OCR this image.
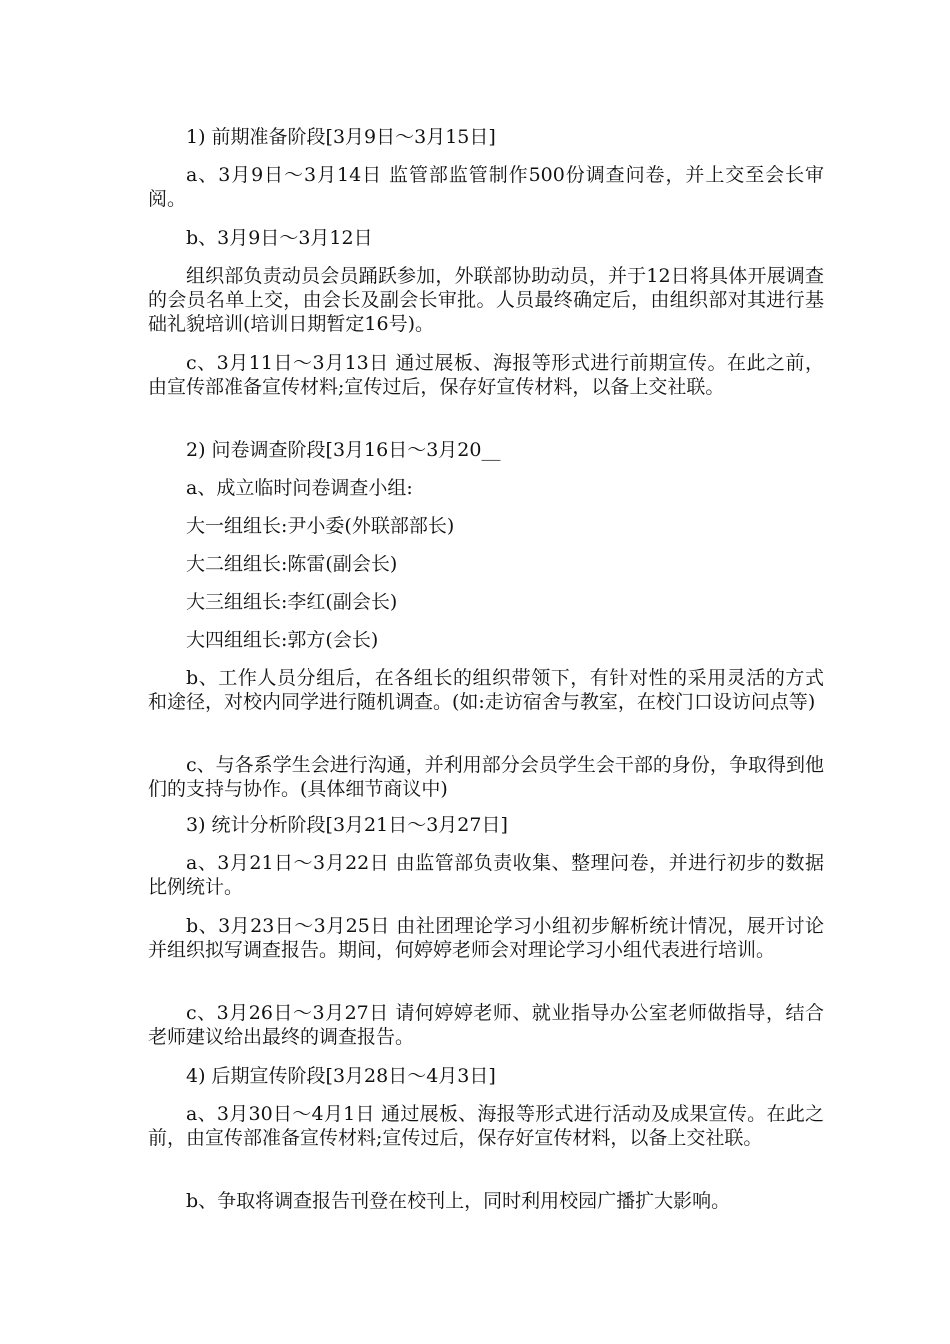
1) 前期准备阶段[3月9日～3月15日]

a、3月9日～3月14日 监管部监管制作500份调查问卷，并上交至会长审阅。

b、3月9日～3月12日

组织部负责动员会员踊跃参加，外联部协助动员，并于12日将具体开展调查的会员名单上交，由会长及副会长审批。人员最终确定后，由组织部对其进行基础礼貌培训(培训日期暂定16号)。

c、3月11日～3月13日 通过展板、海报等形式进行前期宣传。在此之前，由宣传部准备宣传材料;宣传过后，保存好宣传材料，以备上交社联。

2) 问卷调查阶段[3月16日～3月20__

a、成立临时问卷调查小组:

大一组组长:尹小委(外联部部长)

大二组组长:陈雷(副会长)

大三组组长:李红(副会长)

大四组组长:郭方(会长)

b、工作人员分组后，在各组长的组织带领下，有针对性的采用灵活的方式和途径，对校内同学进行随机调查。(如:走访宿舍与教室，在校门口设访问点等)

c、与各系学生会进行沟通，并利用部分会员学生会干部的身份，争取得到他们的支持与协作。(具体细节商议中)

3) 统计分析阶段[3月21日～3月27日]

a、3月21日～3月22日 由监管部负责收集、整理问卷，并进行初步的数据比例统计。

b、3月23日～3月25日 由社团理论学习小组初步解析统计情况，展开讨论并组织拟写调查报告。期间，何婷婷老师会对理论学习小组代表进行培训。

c、3月26日～3月27日 请何婷婷老师、就业指导办公室老师做指导，结合老师建议给出最终的调查报告。

4) 后期宣传阶段[3月28日～4月3日]

a、3月30日～4月1日 通过展板、海报等形式进行活动及成果宣传。在此之前，由宣传部准备宣传材料;宣传过后，保存好宣传材料，以备上交社联。

b、争取将调查报告刊登在校刊上，同时利用校园广播扩大影响。
